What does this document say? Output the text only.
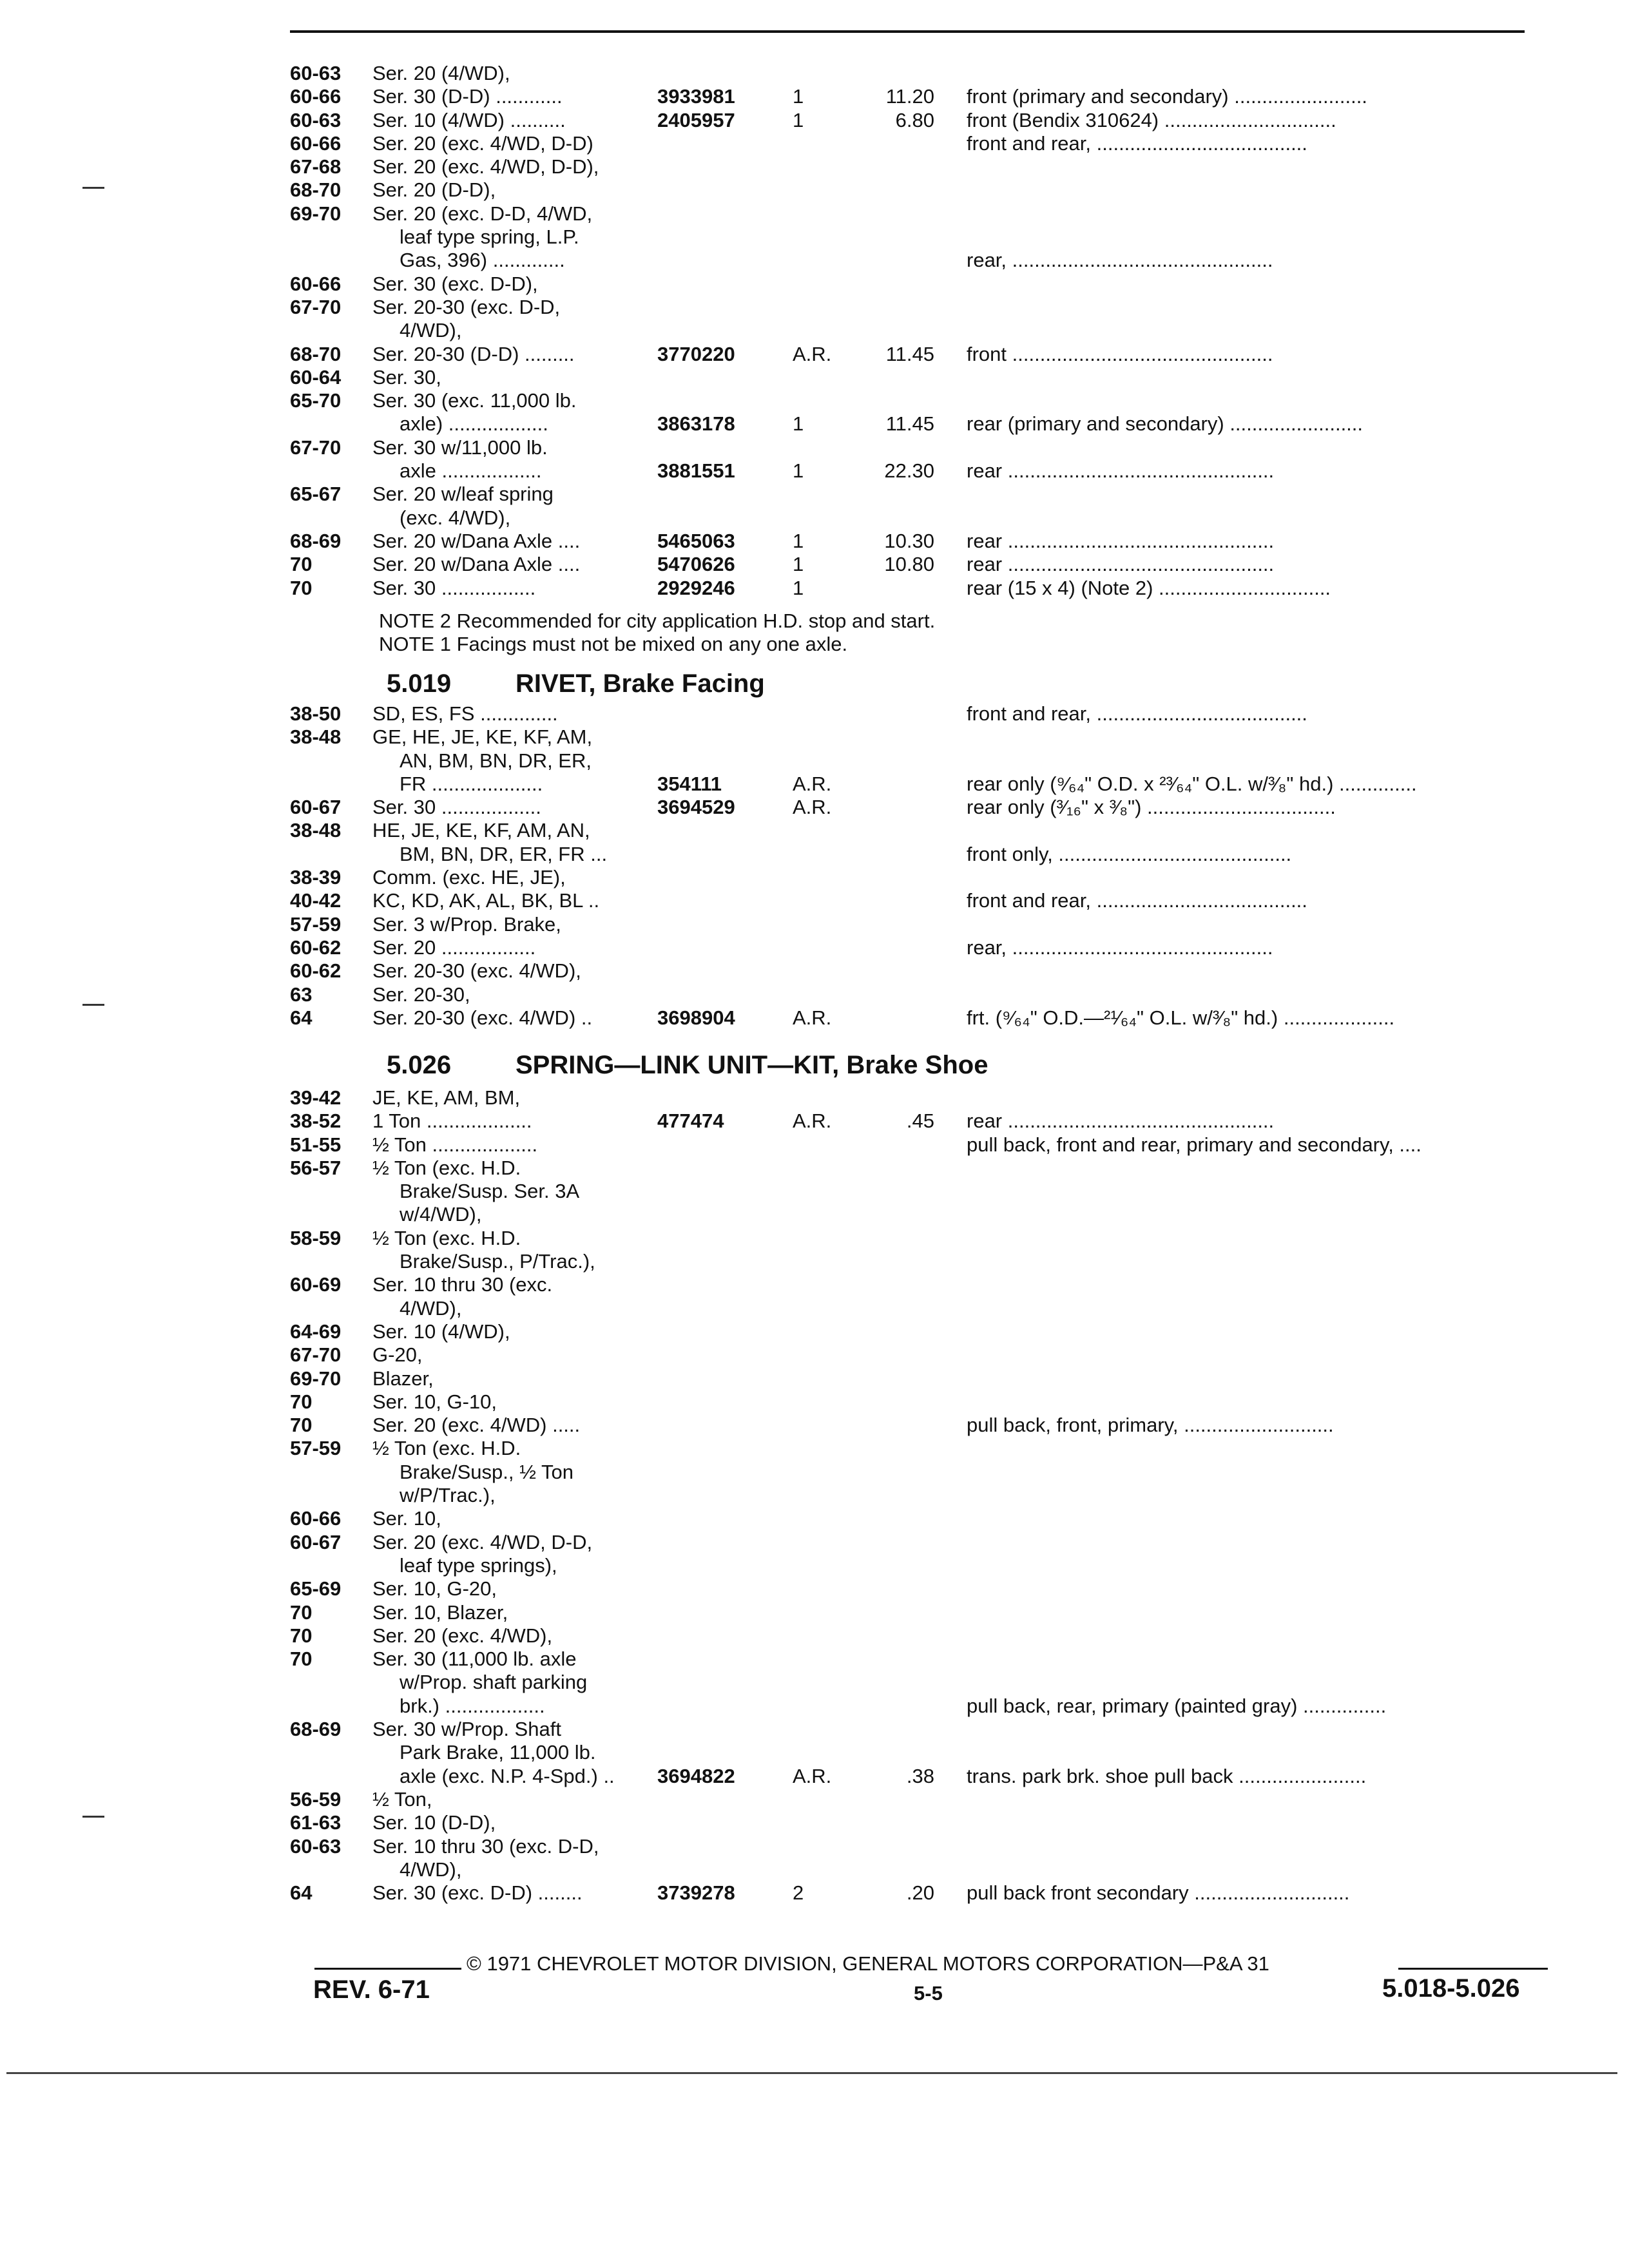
60-63 Ser. 20 (4/WD),
60-66 Ser. 30 (D-D) ............	3933981	1	11.20 front (primary and secondary) ........................
60-63 Ser. 10 (4/WD) ..........	2405957	1	6.80 front (Bendix 310624) ...............................
60-66 Ser. 20 (exc. 4/WD, D-D)	front and rear, ......................................
67-68 Ser. 20 (exc. 4/WD, D-D),
68-70 Ser. 20 (D-D),
69-70 Ser. 20 (exc. D-D, 4/WD,
leaf type spring, L.P.
Gas, 396) .............	rear, ...............................................
60-66 Ser. 30 (exc. D-D),
67-70 Ser. 20-30 (exc. D-D,
4/WD),
68-70 Ser. 20-30 (D-D) .........	3770220	A.R.	11.45 front ...............................................
60-64 Ser. 30,
65-70 Ser. 30 (exc. 11,000 lb.
axle) ..................	3863178	1	11.45 rear (primary and secondary) ........................
67-70 Ser. 30 w/11,000 lb.
axle ..................	3881551	1	22.30 rear ................................................
65-67 Ser. 20 w/leaf spring
(exc. 4/WD),
68-69 Ser. 20 w/Dana Axle ....	5465063	1	10.30 rear ................................................
70	Ser. 20 w/Dana Axle ....	5470626	1	10.80 rear ................................................
70	Ser. 30 .................	2929246	1	rear (15 x 4) (Note 2) ...............................
NOTE 2 Recommended for city application H.D. stop and start.
NOTE 1 Facings must not be mixed on any one axle.
5.019 RIVET, Brake Facing
38-50 SD, ES, FS ..............	front and rear, ......................................
38-48 GE, HE, JE, KE, KF, AM,
AN, BM, BN, DR, ER,
FR ....................	354111	A.R.	rear only (⁹⁄₆₄" O.D. x ²³⁄₆₄" O.L. w/³⁄₈" hd.) ..............
60-67 Ser. 30 ..................	3694529	A.R.	rear only (³⁄₁₆" x ³⁄₈") ..................................
38-48 HE, JE, KE, KF, AM, AN,
BM, BN, DR, ER, FR ...	front only, ..........................................
38-39 Comm. (exc. HE, JE),
40-42 KC, KD, AK, AL, BK, BL ..	front and rear, ......................................
57-59 Ser. 3 w/Prop. Brake,
60-62 Ser. 20 .................	rear, ...............................................
60-62 Ser. 20-30 (exc. 4/WD),
63	Ser. 20-30,
64	Ser. 20-30 (exc. 4/WD) ..	3698904	A.R.	frt. (⁹⁄₆₄" O.D.—²¹⁄₆₄" O.L. w/³⁄₈" hd.) ....................
5.026 SPRING—LINK UNIT—KIT, Brake Shoe
39-42 JE, KE, AM, BM,
38-52 1 Ton ...................	477474	A.R.	.45 rear ................................................
51-55 ½ Ton ...................	pull back, front and rear, primary and secondary, ....
56-57 ½ Ton (exc. H.D.
Brake/Susp. Ser. 3A
w/4/WD),
58-59 ½ Ton (exc. H.D.
Brake/Susp., P/Trac.),
60-69 Ser. 10 thru 30 (exc.
4/WD),
64-69 Ser. 10 (4/WD),
67-70 G-20,
69-70 Blazer,
70	Ser. 10, G-10,
70	Ser. 20 (exc. 4/WD) .....	pull back, front, primary, ...........................
57-59 ½ Ton (exc. H.D.
Brake/Susp., ½ Ton
w/P/Trac.),
60-66 Ser. 10,
60-67 Ser. 20 (exc. 4/WD, D-D,
leaf type springs),
65-69 Ser. 10, G-20,
70	Ser. 10, Blazer,
70	Ser. 20 (exc. 4/WD),
70	Ser. 30 (11,000 lb. axle
w/Prop. shaft parking
brk.) ..................	pull back, rear, primary (painted gray) ...............
68-69 Ser. 30 w/Prop. Shaft
Park Brake, 11,000 lb.
axle (exc. N.P. 4-Spd.) .. 3694822	A.R.	.38 trans. park brk. shoe pull back .......................
56-59 ½ Ton,
61-63 Ser. 10 (D-D),
60-63 Ser. 10 thru 30 (exc. D-D,
4/WD),
64	Ser. 30 (exc. D-D) ........	3739278	2	.20 pull back front secondary ............................
© 1971 CHEVROLET MOTOR DIVISION, GENERAL MOTORS CORPORATION—P&A 31
REV. 6-71	5-5	5.018-5.026
